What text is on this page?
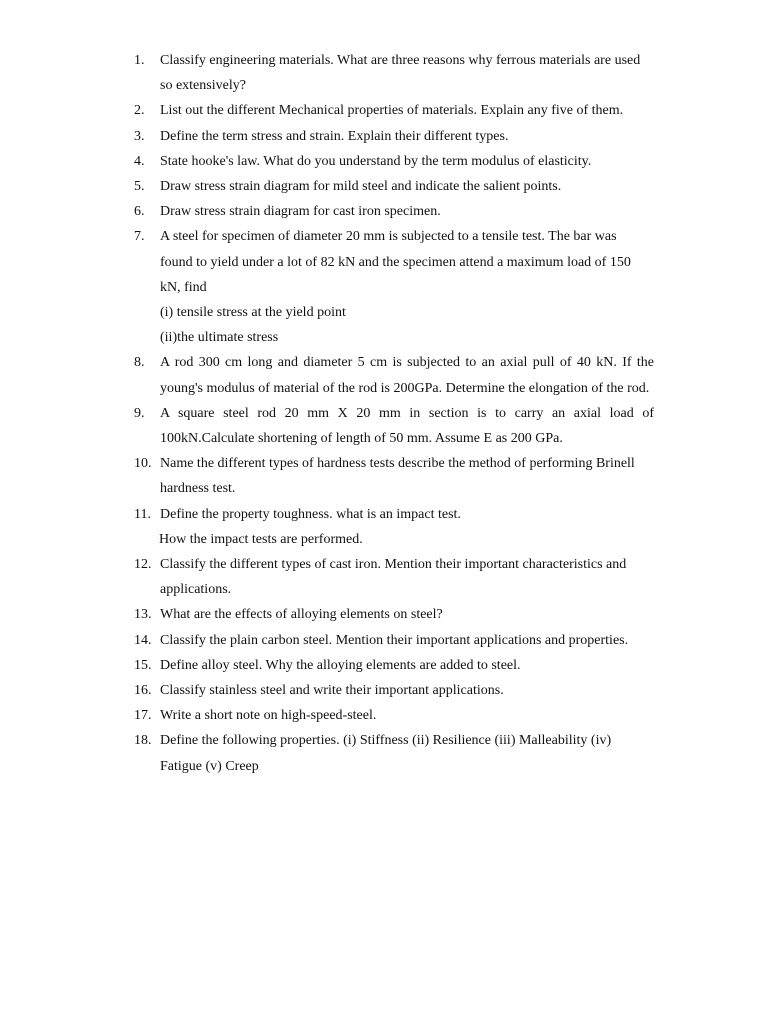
1.	Classify engineering materials. What are three reasons why ferrous materials are used
so extensively?
2.	List out the different Mechanical properties of materials. Explain any five of them.
3.	Define the term stress and strain. Explain their different types.
4.	State hooke's law. What do you understand by the term modulus of elasticity.
5.	Draw stress strain diagram for mild steel and indicate the salient points.
6.	Draw stress strain diagram for cast iron specimen.
7.	A steel for specimen of diameter 20 mm is subjected to a tensile test. The bar was
found to yield under a lot of 82 kN and the specimen attend a maximum load of 150
kN, find
(i) tensile stress at the yield point
(ii)the ultimate stress
8.	A rod 300 cm long and diameter 5 cm is subjected to an axial pull of 40 kN. If the
young's modulus of material of the rod is 200GPa. Determine the elongation of the rod.
9.	A square steel rod 20 mm X 20 mm in section is to carry an axial load of
100kN.Calculate shortening of length of 50 mm. Assume E as 200 GPa.
10. Name the different types of hardness tests describe the method of performing Brinell
hardness test.
11. Define the property toughness. what is an impact test.
How the impact tests are performed.
12. Classify the different types of cast iron. Mention their important characteristics and
applications.
13. What are the effects of alloying elements on steel?
14. Classify the plain carbon steel. Mention their important applications and properties.
15. Define alloy steel. Why the alloying elements are added to steel.
16. Classify stainless steel and write their important applications.
17. Write a short note on high-speed-steel.
18. Define the following properties. (i) Stiffness (ii) Resilience (iii) Malleability (iv)
Fatigue (v) Creep
